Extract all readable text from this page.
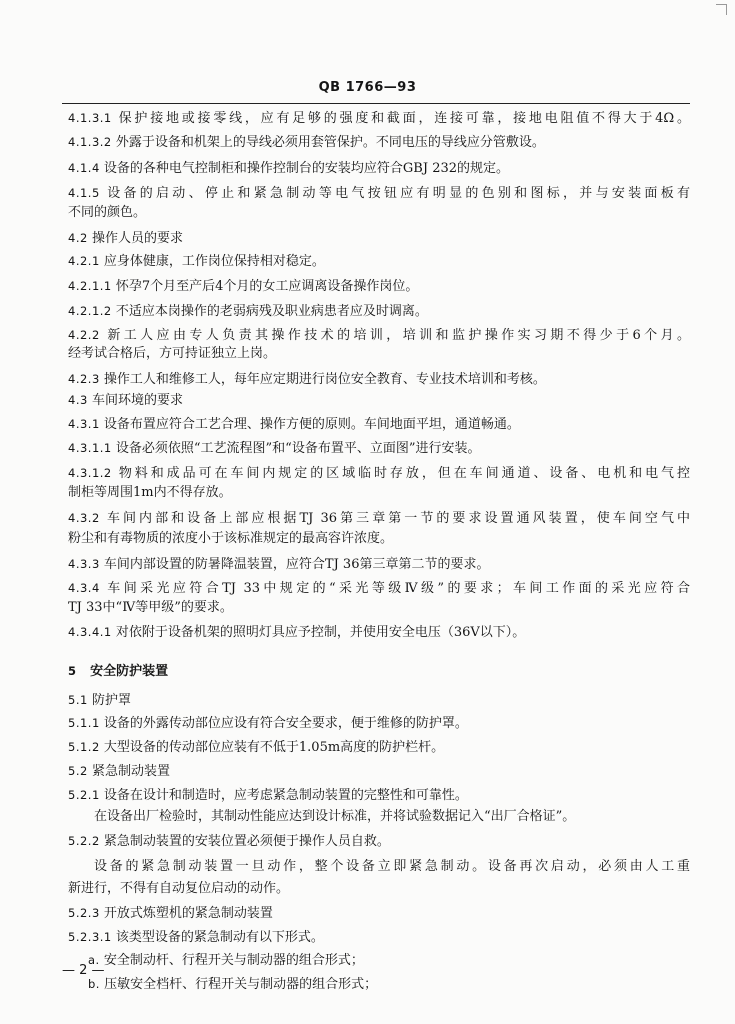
QB 1766—93
4.1.3.1 保护接地或接零线，应有足够的强度和截面，连接可靠，接地电阻值不得大于4Ω。
4.1.3.2 外露于设备和机架上的导线必须用套管保护。不同电压的导线应分管敷设。
4.1.4 设备的各种电气控制柜和操作控制台的安装均应符合GBJ 232的规定。
4.1.5 设备的启动、停止和紧急制动等电气按钮应有明显的色别和图标，并与安装面板有
不同的颜色。
4.2 操作人员的要求
4.2.1 应身体健康，工作岗位保持相对稳定。
4.2.1.1 怀孕7个月至产后4个月的女工应调离设备操作岗位。
4.2.1.2 不适应本岗操作的老弱病残及职业病患者应及时调离。
4.2.2 新工人应由专人负责其操作技术的培训，培训和监护操作实习期不得少于6个月。
经考试合格后，方可持证独立上岗。
4.2.3 操作工人和维修工人，每年应定期进行岗位安全教育、专业技术培训和考核。
4.3 车间环境的要求
4.3.1 设备布置应符合工艺合理、操作方便的原则。车间地面平坦，通道畅通。
4.3.1.1 设备必须依照“工艺流程图”和“设备布置平、立面图”进行安装。
4.3.1.2 物料和成品可在车间内规定的区域临时存放，但在车间通道、设备、电机和电气控
制柜等周围1m内不得存放。
4.3.2 车间内部和设备上部应根据TJ 36第三章第一节的要求设置通风装置，使车间空气中
粉尘和有毒物质的浓度小于该标准规定的最高容许浓度。
4.3.3 车间内部设置的防暑降温装置，应符合TJ 36第三章第二节的要求。
4.3.4 车间采光应符合TJ 33中规定的“采光等级Ⅳ级”的要求；车间工作面的采光应符合
TJ 33中“Ⅳ等甲级”的要求。
4.3.4.1 对依附于设备机架的照明灯具应予控制，并使用安全电压（36V以下）。
5 安全防护装置
5.1 防护罩
5.1.1 设备的外露传动部位应设有符合安全要求，便于维修的防护罩。
5.1.2 大型设备的传动部位应装有不低于1.05m高度的防护栏杆。
5.2 紧急制动装置
5.2.1 设备在设计和制造时，应考虑紧急制动装置的完整性和可靠性。
在设备出厂检验时，其制动性能应达到设计标准，并将试验数据记入“出厂合格证”。
5.2.2 紧急制动装置的安装位置必须便于操作人员自救。
设备的紧急制动装置一旦动作，整个设备立即紧急制动。设备再次启动，必须由人工重
新进行，不得有自动复位启动的动作。
5.2.3 开放式炼塑机的紧急制动装置
5.2.3.1 该类型设备的紧急制动有以下形式。
a. 安全制动杆、行程开关与制动器的组合形式；
b. 压敏安全档杆、行程开关与制动器的组合形式；
— 2 —
